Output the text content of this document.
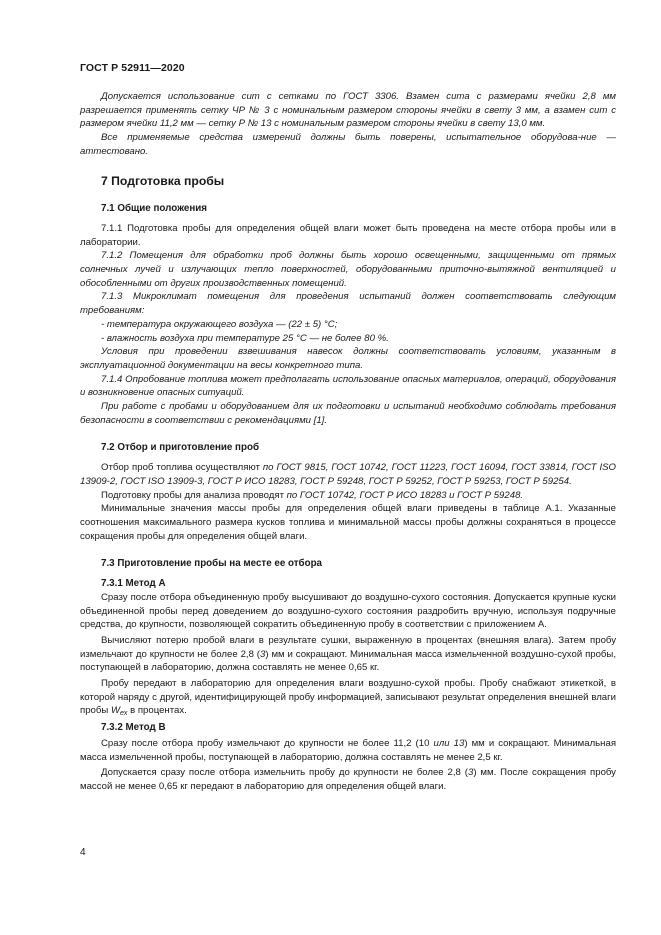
ГОСТ Р 52911—2020

Допускается использование сит с сетками по ГОСТ 3306. Взамен сита с размерами ячейки 2,8 мм разрешается применять сетку ЧР № 3 с номинальным размером стороны ячейки в свету 3 мм, а взамен сит с размером ячейки 11,2 мм — сетку Р № 13 с номинальным размером стороны ячейки в свету 13,0 мм.

Все применяемые средства измерений должны быть поверены, испытательное оборудова-ние — аттестовано.

7 Подготовка пробы
7.1 Общие положения

7.1.1 Подготовка пробы для определения общей влаги может быть проведена на месте отбора пробы или в лаборатории.

7.1.2 Помещения для обработки проб должны быть хорошо освещенными, защищенными от прямых солнечных лучей и излучающих тепло поверхностей, оборудованными приточно-вытяжной вентиляцией и обособленными от других производственных помещений.

7.1.3 Микроклимат помещения для проведения испытаний должен соответствовать следующим требованиям:

- температура окружающего воздуха — (22 ± 5) °С;

- влажность воздуха при температуре 25 °С — не более 80 %.

Условия при проведении взвешивания навесок должны соответствовать условиям, указанным в эксплуатационной документации на весы конкретного типа.

7.1.4 Опробование топлива может предполагать использование опасных материалов, операций, оборудования и возникновение опасных ситуаций.

При работе с пробами и оборудованием для их подготовки и испытаний необходимо соблюдать требования безопасности в соответствии с рекомендациями [1].

7.2 Отбор и приготовление проб

Отбор проб топлива осуществляют по ГОСТ 9815, ГОСТ 10742, ГОСТ 11223, ГОСТ 16094, ГОСТ 33814, ГОСТ ISO 13909-2, ГОСТ ISO 13909-3, ГОСТ Р ИСО 18283, ГОСТ Р 59248, ГОСТ Р 59252, ГОСТ Р 59253, ГОСТ Р 59254.

Подготовку пробы для анализа проводят по ГОСТ 10742, ГОСТ Р ИСО 18283 и ГОСТ Р 59248.

Минимальные значения массы пробы для определения общей влаги приведены в таблице А.1. Указанные соотношения максимального размера кусков топлива и минимальной массы пробы должны сохраняться в процессе сокращения пробы для определения общей влаги.

7.3 Приготовление пробы на месте ее отбора
7.3.1 Метод А

Сразу после отбора объединенную пробу высушивают до воздушно-сухого состояния. Допускается крупные куски объединенной пробы перед доведением до воздушно-сухого состояния раздробить вручную, используя подручные средства, до крупности, позволяющей сократить объединенную пробу в соответствии с приложением А.

Вычисляют потерю пробой влаги в результате сушки, выраженную в процентах (внешняя влага). Затем пробу измельчают до крупности не более 2,8 (3) мм и сокращают. Минимальная масса измельченной воздушно-сухой пробы, поступающей в лабораторию, должна составлять не менее 0,65 кг.

Пробу передают в лабораторию для определения влаги воздушно-сухой пробы. Пробу снабжают этикеткой, в которой наряду с другой, идентифицирующей пробу информацией, записывают результат определения внешней влаги пробы $W_{ex}$ в процентах.

7.3.2 Метод В

Сразу после отбора пробу измельчают до крупности не более 11,2 (10 или 13) мм и сокращают. Минимальная масса измельченной пробы, поступающей в лабораторию, должна составлять не менее 2,5 кг.

Допускается сразу после отбора измельчить пробу до крупности не более 2,8 (3) мм. После сокращения пробу массой не менее 0,65 кг передают в лабораторию для определения общей влаги.

4
